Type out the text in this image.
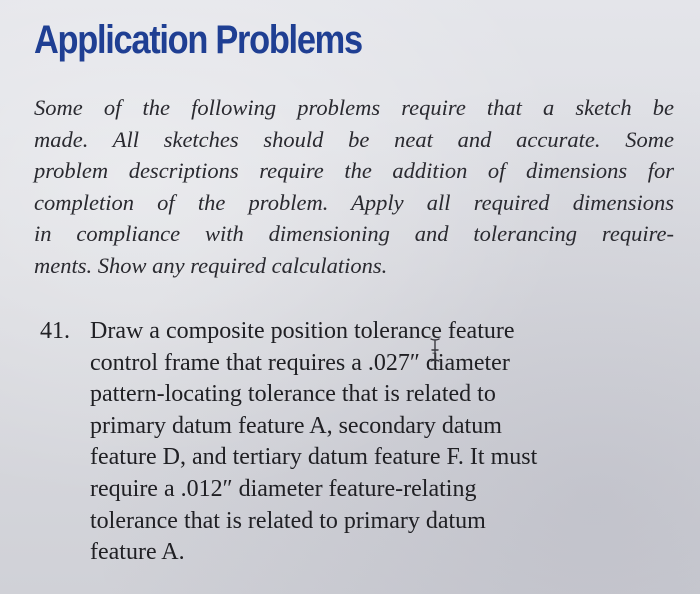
Application Problems

Some of the following problems require that a sketch be
made. All sketches should be neat and accurate. Some
problem descriptions require the addition of dimensions for
completion of the problem. Apply all required dimensions
in compliance with dimensioning and tolerancing require-
ments. Show any required calculations.

41. Draw a composite position tolerance feature
control frame that requires a .027″ diameter
pattern-locating tolerance that is related to
primary datum feature A, secondary datum
feature D, and tertiary datum feature F. It must
require a .012″ diameter feature-relating
tolerance that is related to primary datum
feature A.
